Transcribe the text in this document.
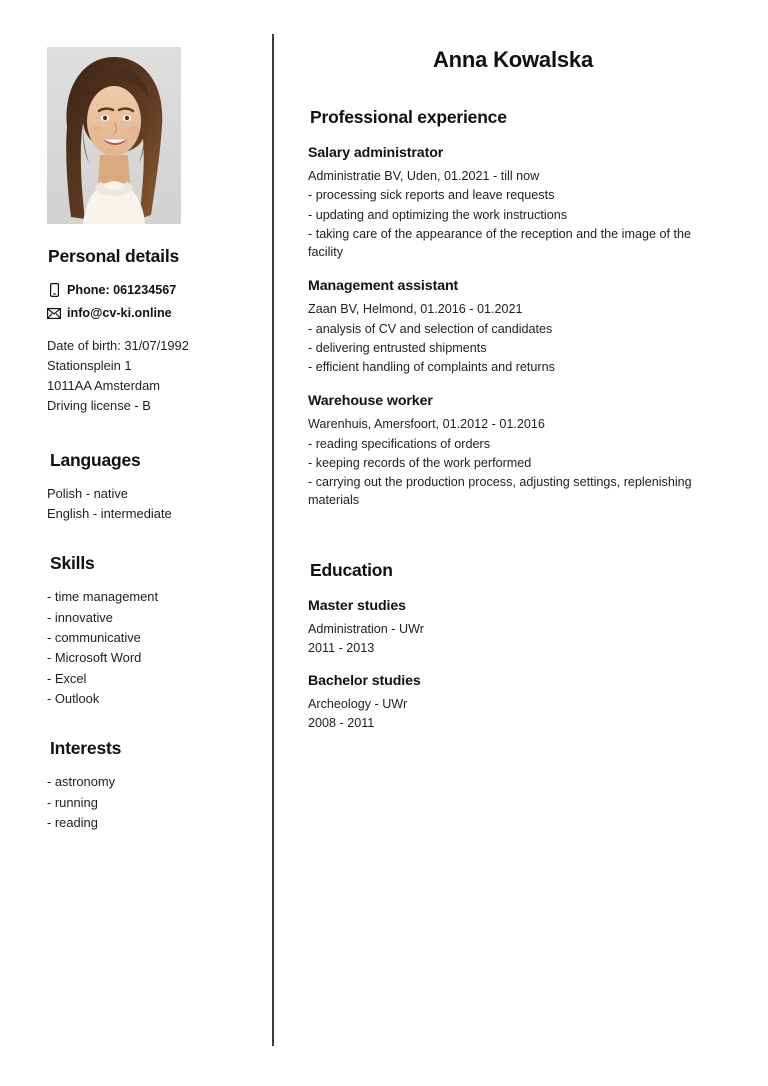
Personal details
Phone: 061234567
info@cv-ki.online
Date of birth: 31/07/1992
Stationsplein 1
1011AA Amsterdam
Driving license - B
Languages
Polish - native
English - intermediate
Skills
- time management
- innovative
- communicative
- Microsoft Word
- Excel
- Outlook
Interests
- astronomy
- running
- reading
Anna Kowalska
Professional experience
Salary administrator

Administratie BV, Uden, 01.2021 - till now

- processing sick reports and leave requests
- updating and optimizing the work instructions
- taking care of the appearance of the reception and the image of the facility
Management assistant

Zaan BV, Helmond, 01.2016 - 01.2021

- analysis of CV and selection of candidates
- delivering entrusted shipments
- efficient handling of complaints and returns
Warehouse worker

Warenhuis, Amersfoort, 01.2012 - 01.2016

- reading specifications of orders
- keeping records of the work performed
- carrying out the production process, adjusting settings, replenishing materials
Education
Master studies

Administration - UWr

2011 - 2013

Bachelor studies

Archeology - UWr

2008 - 2011
